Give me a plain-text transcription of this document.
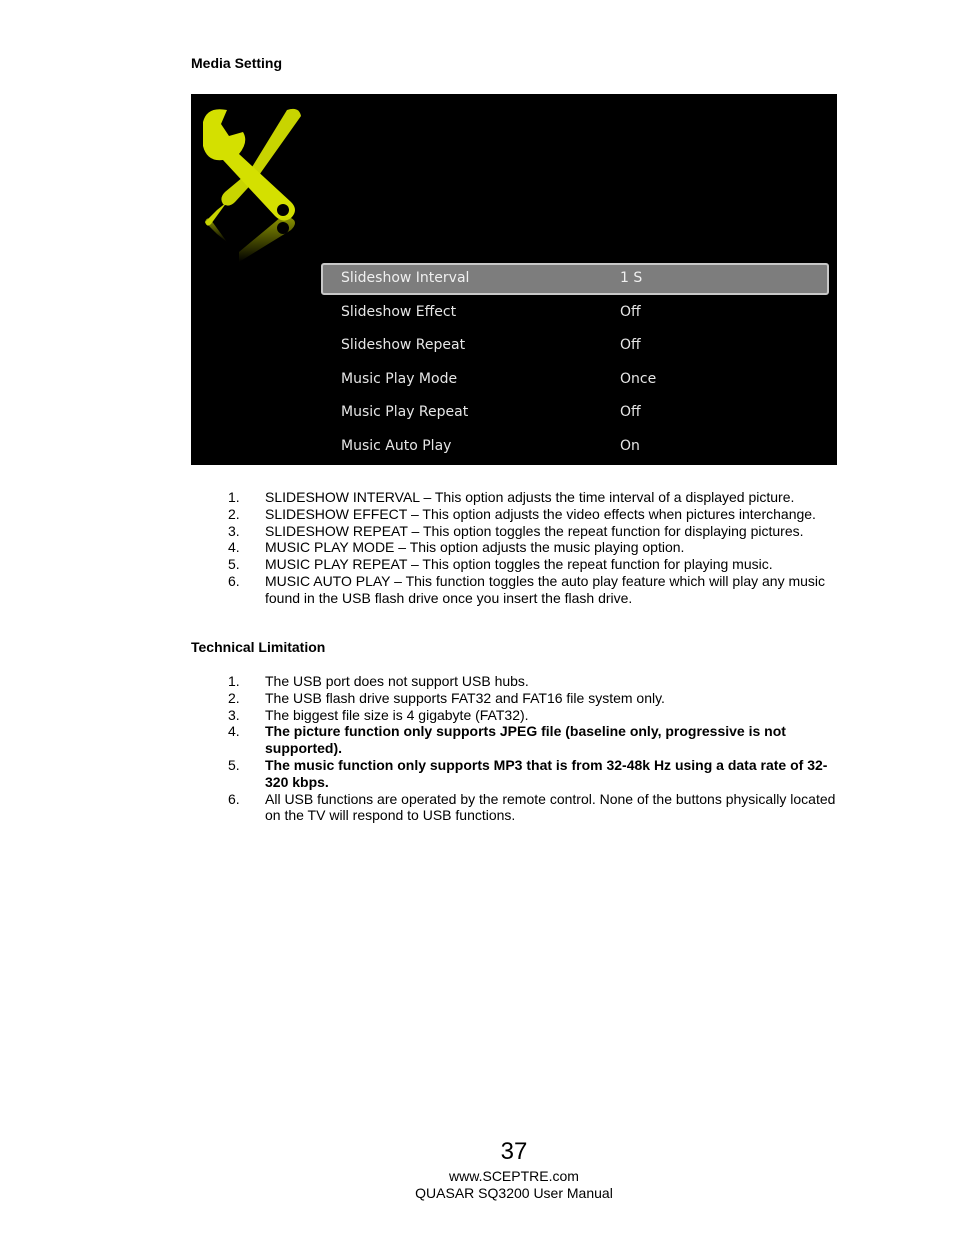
Media Setting
Slideshow Interval	1 S
Slideshow Effect	Off
Slideshow Repeat	Off
Music Play Mode	Once
Music Play Repeat	Off
Music Auto Play	On
1. SLIDESHOW INTERVAL – This option adjusts the time interval of a displayed picture.
2. SLIDESHOW EFFECT – This option adjusts the video effects when pictures interchange.
3. SLIDESHOW REPEAT – This option toggles the repeat function for displaying pictures.
4. MUSIC PLAY MODE – This option adjusts the music playing option.
5. MUSIC PLAY REPEAT – This option toggles the repeat function for playing music.
6. MUSIC AUTO PLAY – This function toggles the auto play feature which will play any music found in the USB flash drive once you insert the flash drive.
Technical Limitation
1. The USB port does not support USB hubs.
2. The USB flash drive supports FAT32 and FAT16 file system only.
3. The biggest file size is 4 gigabyte (FAT32).
4. The picture function only supports JPEG file (baseline only, progressive is not supported).
5. The music function only supports MP3 that is from 32-48k Hz using a data rate of 32-320 kbps.
6. All USB functions are operated by the remote control. None of the buttons physically located on the TV will respond to USB functions.
37
www.SCEPTRE.com
QUASAR SQ3200 User Manual
